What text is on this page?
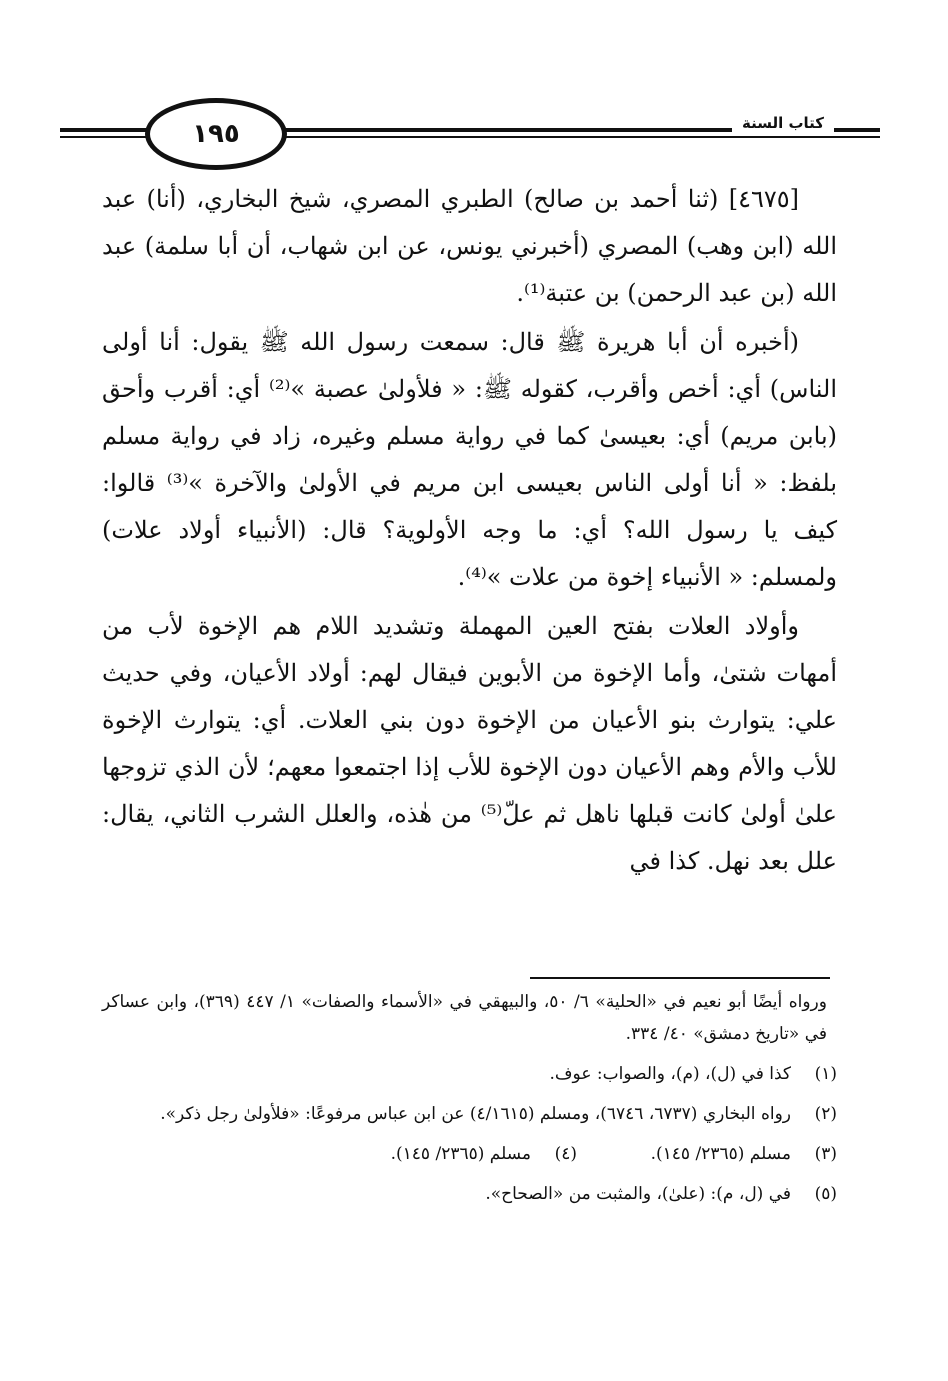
١٩٥	كتاب السنة

[٤٦٧٥] (ثنا أحمد بن صالح) الطبري المصري، شيخ البخاري، (أنا) عبد الله (ابن وهب) المصري (أخبرني يونس، عن ابن شهاب، أن أبا سلمة) عبد الله (بن عبد الرحمن) بن عتبة⁽¹⁾.

(أخبره أن أبا هريرة ﷺ قال: سمعت رسول الله ﷺ يقول: أنا أولى الناس) أي: أخص وأقرب، كقوله ﷺ: « فلأولىٰ عصبة »⁽²⁾ أي: أقرب وأحق (بابن مريم) أي: بعيسىٰ كما في رواية مسلم وغيره، زاد في رواية مسلم بلفظ: « أنا أولى الناس بعيسى ابن مريم في الأولىٰ والآخرة »⁽³⁾ قالوا: كيف يا رسول الله؟ أي: ما وجه الأولوية؟ قال: (الأنبياء أولاد علات) ولمسلم: « الأنبياء إخوة من علات »⁽⁴⁾.

وأولاد العلات بفتح العين المهملة وتشديد اللام هم الإخوة لأب من أمهات شتىٰ، وأما الإخوة من الأبوين فيقال لهم: أولاد الأعيان، وفي حديث علي: يتوارث بنو الأعيان من الإخوة دون بني العلات. أي: يتوارث الإخوة للأب والأم وهم الأعيان دون الإخوة للأب إذا اجتمعوا معهم؛ لأن الذي تزوجها علىٰ أولىٰ كانت قبلها ناهل ثم علّ⁽⁵⁾ من هٰذه، والعلل الشرب الثاني، يقال: علل بعد نهل. كذا في

ورواه أيضًا أبو نعيم في «الحلية» ٦/ ٥٠، والبيهقي في «الأسماء والصفات» ١/ ٤٤٧ (٣٦٩)، وابن عساكر في «تاريخ دمشق» ٤٠/ ٣٣٤.

(١)
كذا في (ل)، (م)، والصواب: عوف.
(٢)
رواه البخاري (٦٧٣٧، ٦٧٤٦)، ومسلم (٤/١٦١٥) عن ابن عباس مرفوعًا: «فلأولىٰ رجل ذكر».
(٣)
مسلم (٢٣٦٥/ ١٤٥).
(٤)
مسلم (٢٣٦٥/ ١٤٥).
(٥)
في (ل، م): (علىٰ)، والمثبت من «الصحاح».
